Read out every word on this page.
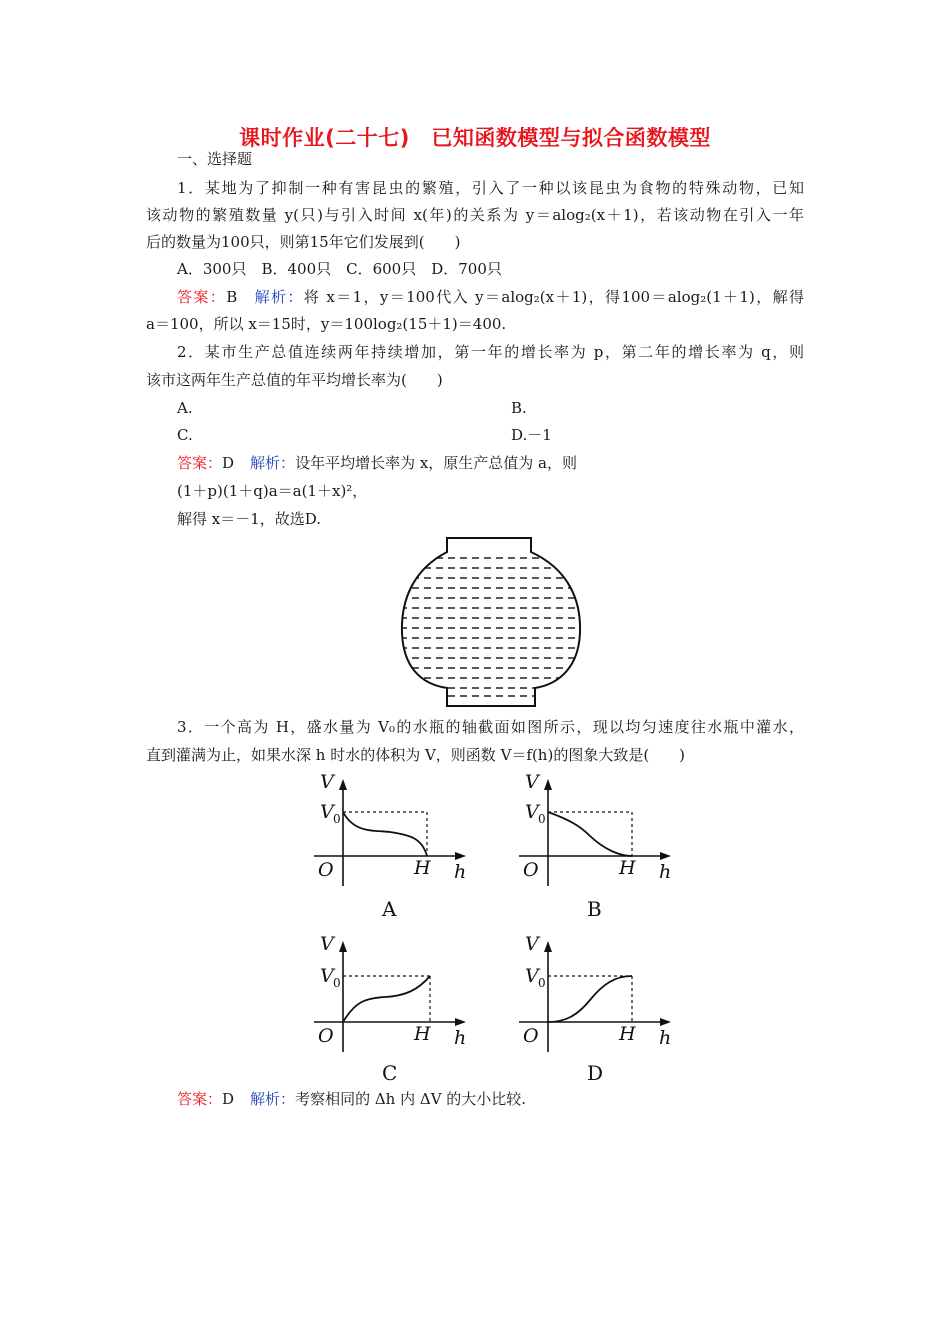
课时作业(二十七)　已知函数模型与拟合函数模型
一、选择题
1．某地为了抑制一种有害昆虫的繁殖，引入了一种以该昆虫为食物的特殊动物，已知
该动物的繁殖数量 y(只)与引入时间 x(年)的关系为 y＝alog₂(x＋1)，若该动物在引入一年
后的数量为100只，则第15年它们发展到(　　)
A．300只　B．400只　C．600只　D．700只
答案：B 解析：将 x＝1，y＝100代入 y＝alog₂(x＋1)，得100＝alog₂(1＋1)，解得
a＝100，所以 x＝15时，y＝100log₂(15＋1)＝400.
2．某市生产总值连续两年持续增加，第一年的增长率为 p，第二年的增长率为 q，则
该市这两年生产总值的年平均增长率为(　　)
A.	B.
C.	D.－1
答案：D 解析：设年平均增长率为 x，原生产总值为 a，则
(1＋p)(1＋q)a＝a(1＋x)²，
解得 x＝－1，故选D.
3．一个高为 H，盛水量为 V₀的水瓶的轴截面如图所示，现以均匀速度往水瓶中灌水，
直到灌满为止，如果水深 h 时水的体积为 V，则函数 V＝f(h)的图象大致是(　　)
V
V 0
O	H h
A
V
V 0
O	H h
B
V
V 0
O	H h
C
V
V 0
O	H h
D
答案：D 解析：考察相同的 Δh 内 ΔV 的大小比较.
